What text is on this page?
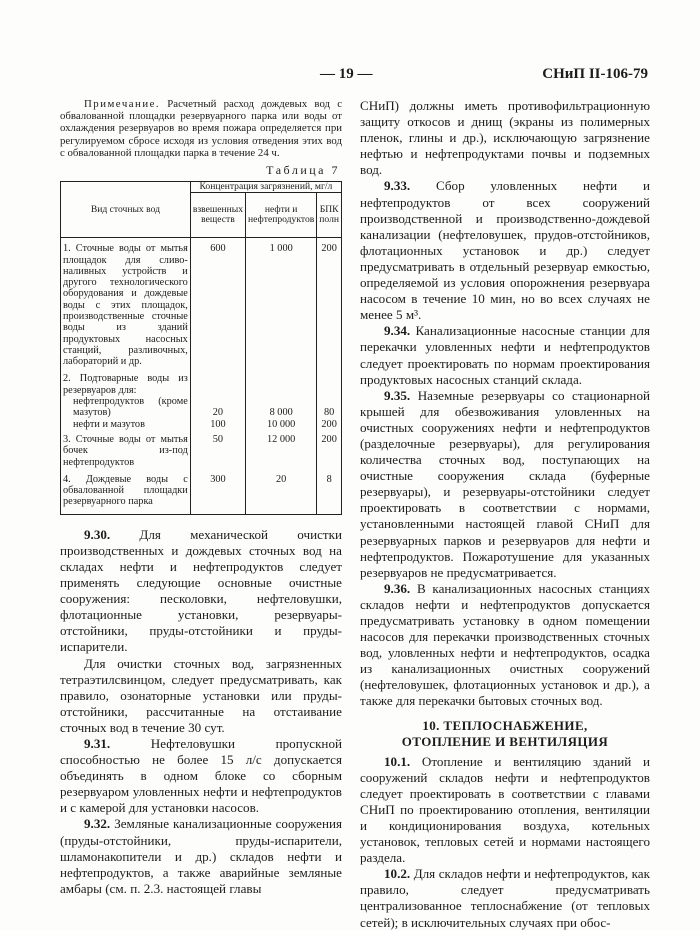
— 19 —	СНиП II-106-79

Примечание. Расчетный расход дождевых вод с обвалованной площадки резервуарного парка или воды от охлаждения резервуаров во время пожара определяется при регулируемом сбросе исходя из условия отведения этих вод с обвалованной площадки парка в течение 24 ч.

Таблица 7
Вид сточных вод	Концентрация загрязнений, мг/л		
	взвешенных веществ	нефти и нефтепродуктов	БПК полн
1. Сточные воды от мытья площадок для сливо-наливных устройств и другого технологического оборудования и дождевые воды с этих площадок, производственные сточные воды из зданий продуктовых насосных станций, разливочных, лабораторий и др.	600	1 000	200
2. Подтоварные воды из резервуаров для:			
нефтепродуктов (кроме мазутов)	20	8 000	80
нефти и мазутов	100	10 000	200
3. Сточные воды от мытья бочек из-под нефтепродуктов	50	12 000	200
4. Дождевые воды с обвалованной площадки резервуарного парка	300	20	8

9.30. Для механической очистки производственных и дождевых сточных вод на складах нефти и нефтепродуктов следует применять следующие основные очистные сооружения: песколовки, нефтеловушки, флотационные установки, резервуары-отстойники, пруды-отстойники и пруды-испарители.

Для очистки сточных вод, загрязненных тетраэтилсвинцом, следует предусматривать, как правило, озонаторные установки или пруды-отстойники, рассчитанные на отстаивание сточных вод в течение 30 сут.

9.31.	Нефтеловушки пропускной способностью не более 15 л/с допускается объединять в одном блоке со сборным резервуаром уловленных нефти и нефтепродуктов и с камерой для установки насосов.

9.32. Земляные канализационные сооружения (пруды-отстойники, пруды-испарители, шламонакопители и др.) складов нефти и нефтепродуктов, а также аварийные земляные амбары (см. п. 2.3. настоящей главы

СНиП) должны иметь противофильтрационную защиту откосов и днищ (экраны из полимерных пленок, глины и др.), исключающую загрязнение нефтью и нефтепродуктами почвы и подземных вод.

9.33. Сбор уловленных нефти и нефтепродуктов от всех сооружений производственной и производственно-дождевой канализации (нефтеловушек, прудов-отстойников, флотационных установок и др.) следует предусматривать в отдельный резервуар емкостью, определяемой из условия опорожнения резервуара насосом в течение 10 мин, но во всех случаях не менее 5 м³.

9.34. Канализационные насосные станции для перекачки уловленных нефти и нефтепродуктов следует проектировать по нормам проектирования продуктовых насосных станций склада.

9.35. Наземные резервуары со стационарной крышей для обезвоживания уловленных на очистных сооружениях нефти и нефтепродуктов (разделочные резервуары), для регулирования количества сточных вод, поступающих на очистные сооружения склада (буферные резервуары), и резервуары-отстойники следует проектировать в соответствии с нормами, установленными настоящей главой СНиП для резервуарных парков и резервуаров для нефти и нефтепродуктов. Пожаротушение для указанных резервуаров не предусматривается.

9.36. В канализационных насосных станциях складов нефти и нефтепродуктов допускается предусматривать установку в одном помещении насосов для перекачки производственных сточных вод, уловленных нефти и нефтепродуктов, осадка из канализационных очистных сооружений (нефтеловушек, флотационных установок и др.), а также для перекачки бытовых сточных вод.

10. ТЕПЛОСНАБЖЕНИЕ,
ОТОПЛЕНИЕ И ВЕНТИЛЯЦИЯ

10.1. Отопление и вентиляцию зданий и сооружений складов нефти и нефтепродуктов следует проектировать в соответствии с главами СНиП по проектированию отопления, вентиляции и кондиционирования воздуха, котельных установок, тепловых сетей и нормами настоящего раздела.

10.2. Для складов нефти и нефтепродуктов, как правило, следует предусматривать централизованное теплоснабжение (от тепловых сетей); в исключительных случаях при обос-
